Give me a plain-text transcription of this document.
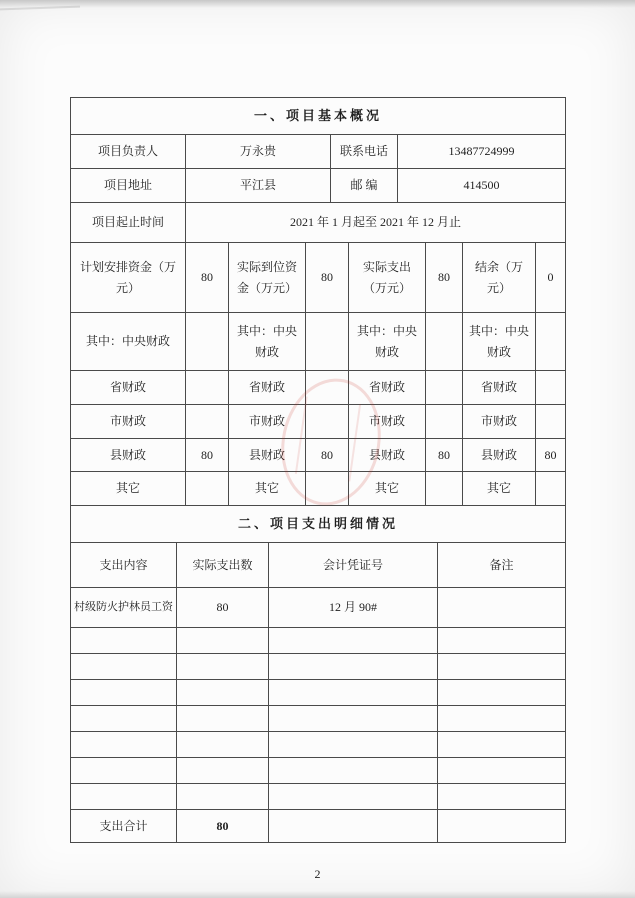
一、项目基本概况			
项目负责人	万永贵	联系电话	13487724999
项目地址	平江县	邮 编	414500
项目起止时间	2021 年 1 月起至 2021 年 12 月止		
计划安排资金（万元）	80	实际到位资金（万元）	80	实际支出（万元）	80	结余（万元）	0
其中：中央财政		其中：中央财政		其中：中央财政		其中：中央财政	
省财政		省财政		省财政		省财政	
市财政		市财政		市财政		市财政	
县财政	80	县财政	80	县财政	80	县财政	80
其它		其它		其它		其它	
二、项目支出明细情况			
支出内容	实际支出数	会计凭证号	备注
村级防火护林员工资	80	12 月 90#	

支出合计	80		
2
